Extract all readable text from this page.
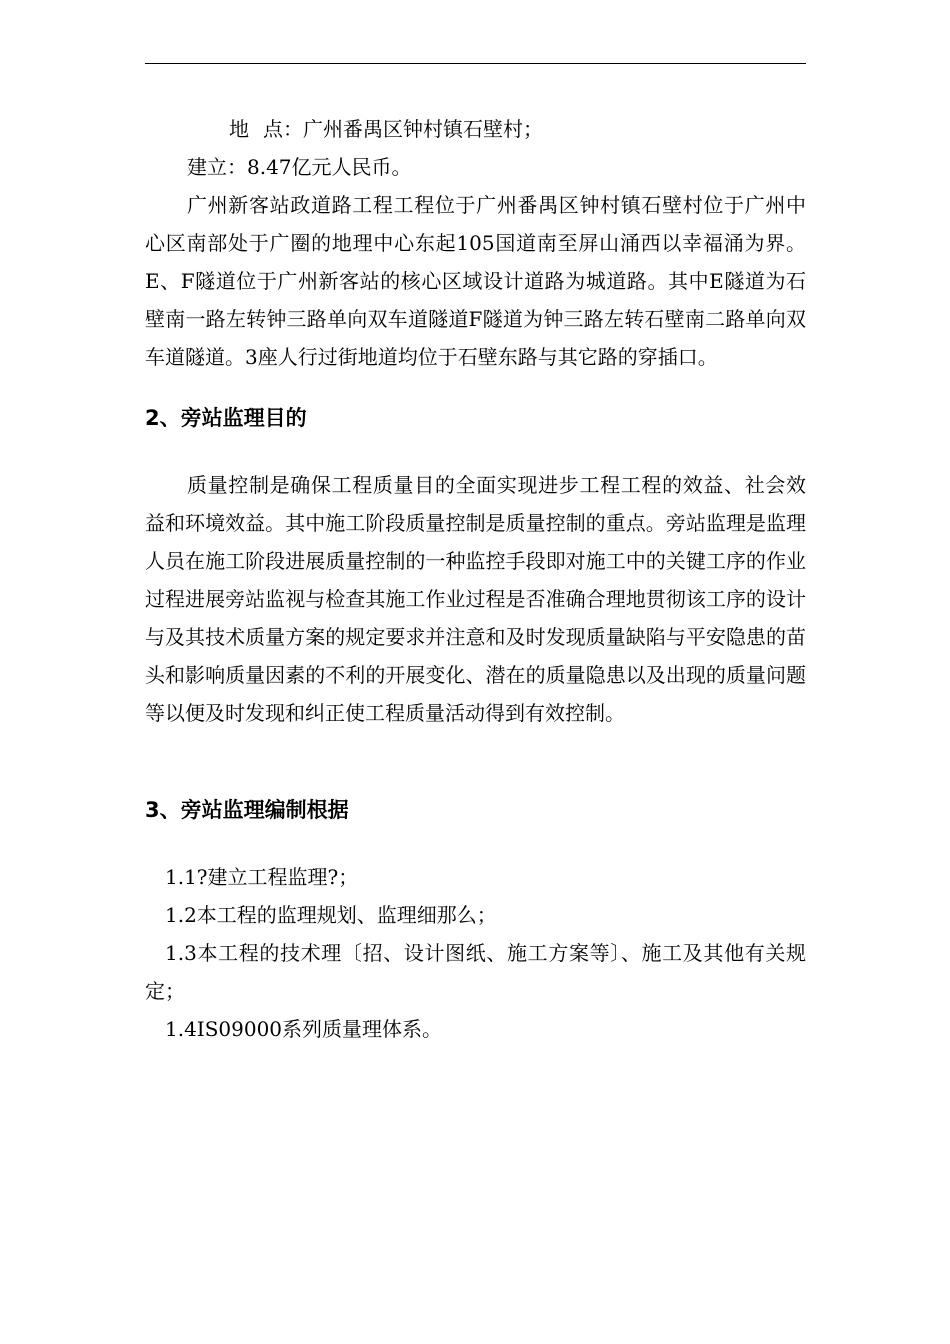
地 点：广州番禺区钟村镇石壁村；

建立：8.47亿元人民币。

广州新客站政道路工程工程位于广州番禺区钟村镇石壁村位于广州中心区南部处于广圈的地理中心东起105国道南至屏山涌西以幸福涌为界。E、F隧道位于广州新客站的核心区域设计道路为城道路。其中E隧道为石壁南一路左转钟三路单向双车道隧道F隧道为钟三路左转石壁南二路单向双车道隧道。3座人行过街地道均位于石壁东路与其它路的穿插口。

2、旁站监理目的

质量控制是确保工程质量目的全面实现进步工程工程的效益、社会效益和环境效益。其中施工阶段质量控制是质量控制的重点。旁站监理是监理人员在施工阶段进展质量控制的一种监控手段即对施工中的关键工序的作业过程进展旁站监视与检查其施工作业过程是否准确合理地贯彻该工序的设计与及其技术质量方案的规定要求并注意和及时发现质量缺陷与平安隐患的苗头和影响质量因素的不利的开展变化、潜在的质量隐患以及出现的质量问题等以便及时发现和纠正使工程质量活动得到有效控制。

3、旁站监理编制根据

1.1?建立工程监理?；

1.2本工程的监理规划、监理细那么；

1.3本工程的技术理〔招、设计图纸、施工方案等〕、施工及其他有关规定；

1.4IS09000系列质量理体系。
